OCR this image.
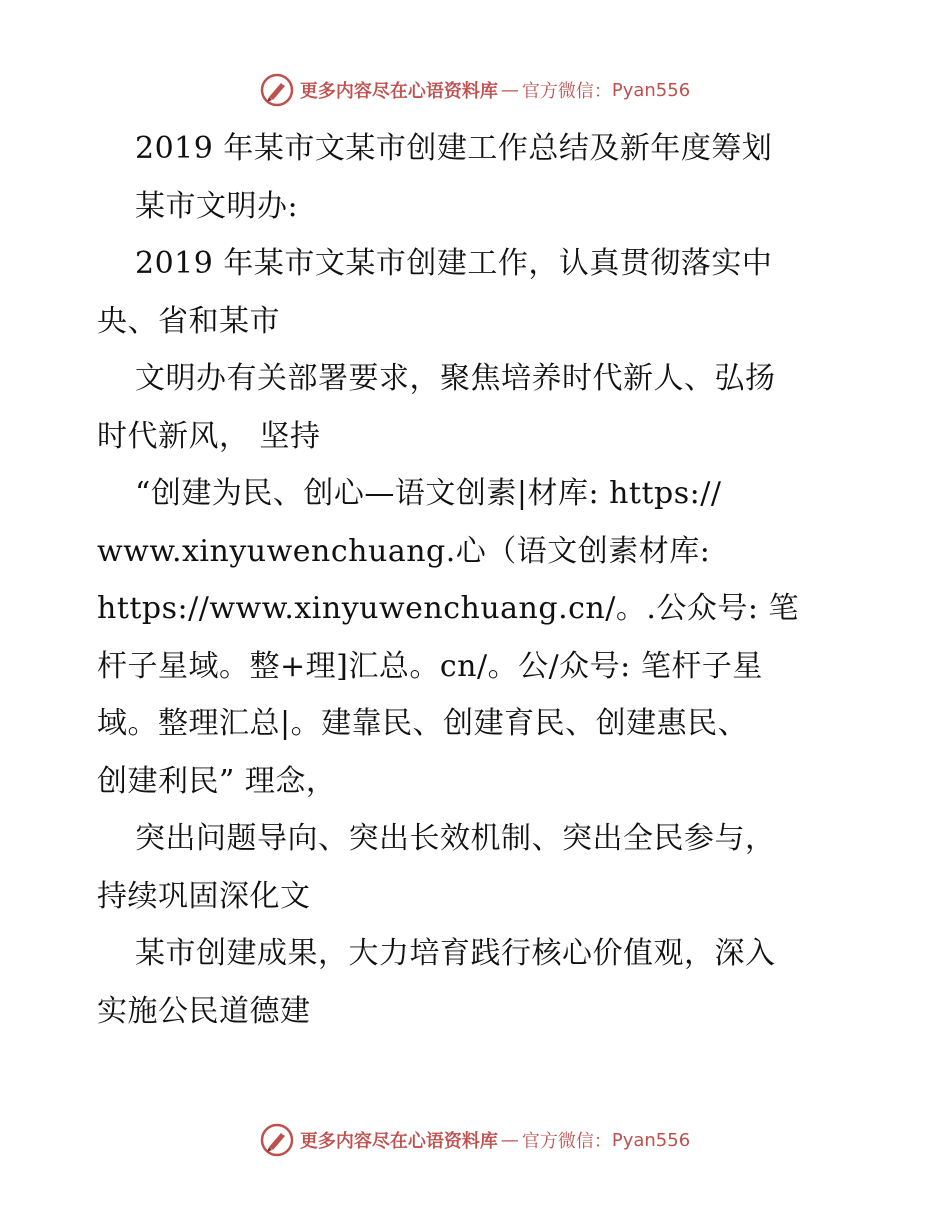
更多内容尽在心语资料库 — 官方微信： Pyan556
2019 年某市文某市创建工作总结及新年度筹划
某市文明办:
2019 年某市文某市创建工作，认真贯彻落实中
央、省和某市
文明办有关部署要求，聚焦培养时代新人、弘扬
时代新风， 坚持
“创建为民、创心—语文创素|材库: https://
www.xinyuwenchuang.心（语文创素材库:
https://www.xinyuwenchuang.cn/。.公众号: 笔
杆子星域。整+理]汇总。cn/。公/众号: 笔杆子星
域。整理汇总|。建靠民、创建育民、创建惠民、
创建利民” 理念，
突出问题导向、突出长效机制、突出全民参与，
持续巩固深化文
某市创建成果，大力培育践行核心价值观，深入
实施公民道德建
更多内容尽在心语资料库 — 官方微信： Pyan556
